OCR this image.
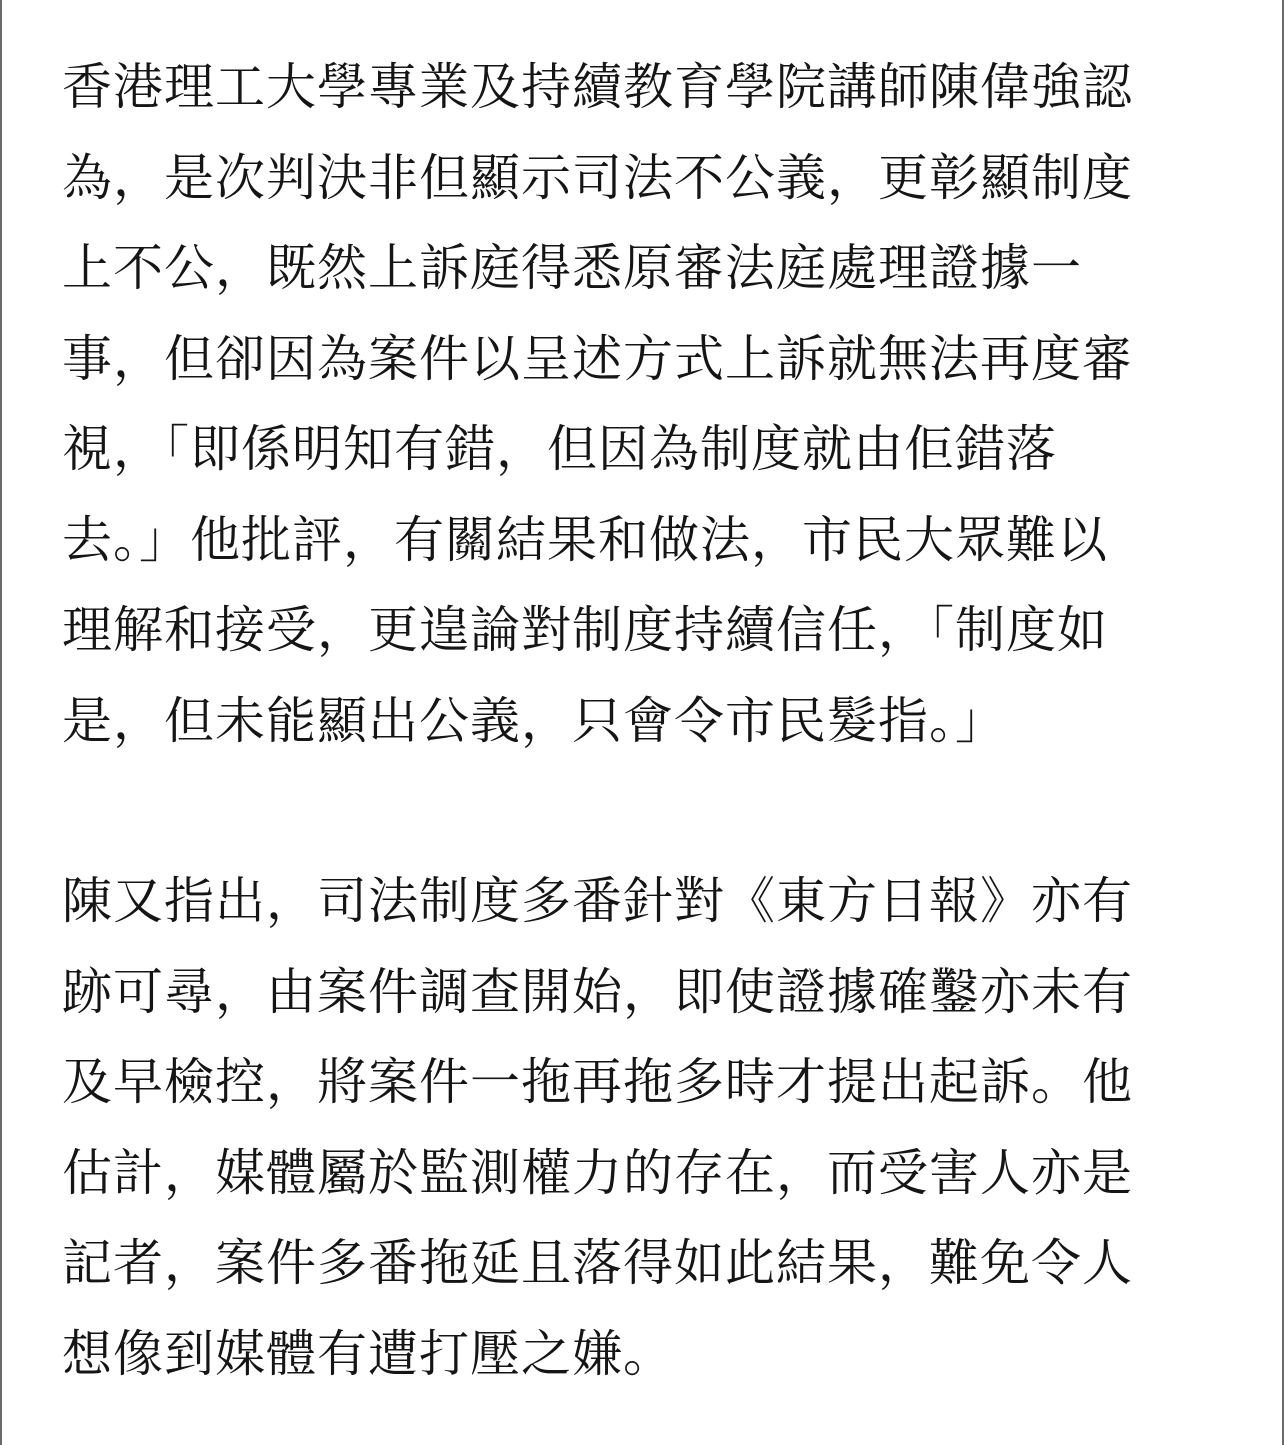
香港理工大學專業及持續教育學院講師陳偉強認
為，是次判決非但顯示司法不公義，更彰顯制度
上不公，既然上訴庭得悉原審法庭處理證據一
事，但卻因為案件以呈述方式上訴就無法再度審
視，「即係明知有錯，但因為制度就由佢錯落
去。」他批評，有關結果和做法，市民大眾難以
理解和接受，更遑論對制度持續信任，「制度如
是，但未能顯出公義，只會令市民髮指。」

陳又指出，司法制度多番針對《東方日報》亦有
跡可尋，由案件調查開始，即使證據確鑿亦未有
及早檢控，將案件一拖再拖多時才提出起訴。他
估計，媒體屬於監測權力的存在，而受害人亦是
記者，案件多番拖延且落得如此結果，難免令人
想像到媒體有遭打壓之嫌。
